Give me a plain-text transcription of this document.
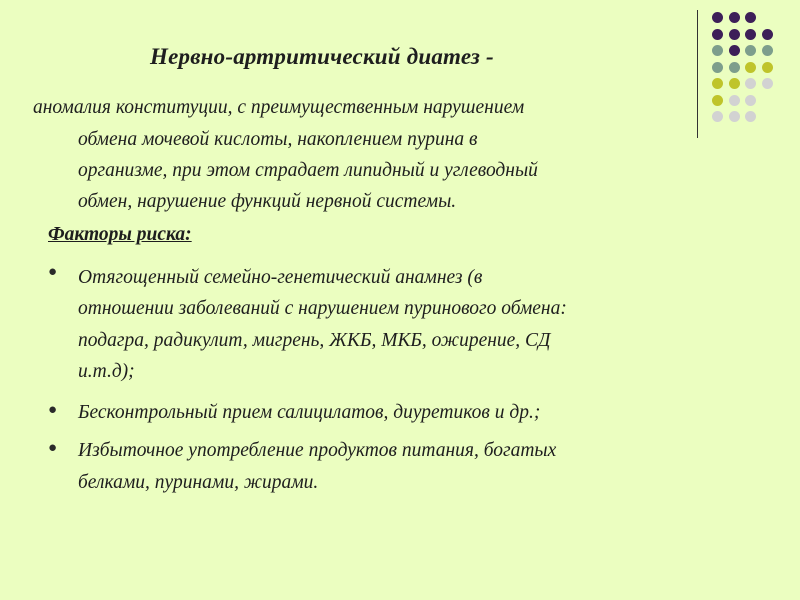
Нервно-артритический диатез -
аномалия конституции, с преимущественным нарушением
обмена мочевой кислоты, накоплением пурина в
организме, при этом страдает липидный и углеводный
обмен, нарушение функций нервной системы.
Факторы риска:
● Отягощенный семейно-генетический анамнез (в
отношении заболеваний с нарушением пуринового обмена:
подагра, радикулит, мигрень, ЖКБ, МКБ, ожирение, СД
и.т.д);
● Бесконтрольный прием салицилатов, диуретиков и др.;
● Избыточное употребление продуктов питания, богатых
белками, пуринами, жирами.
